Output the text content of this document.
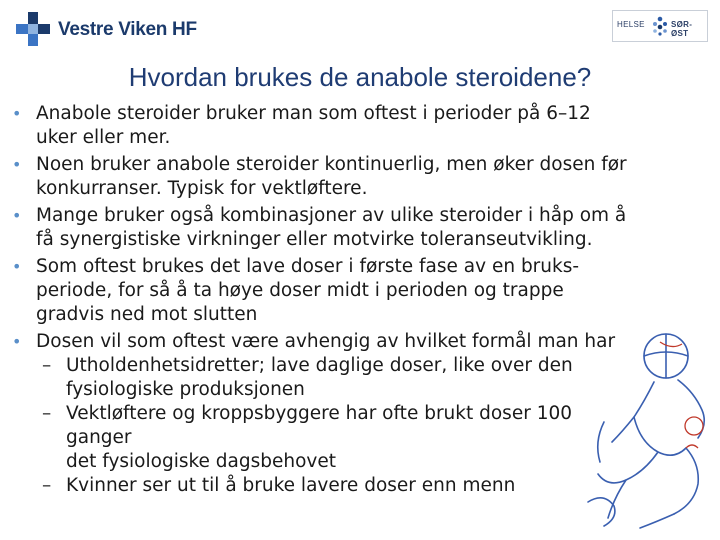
Vestre Viken HF	HELSE	SØR-ØST
Hvordan brukes de anabole steroidene?
• Anabole steroider bruker man som oftest i perioder på 6–12
uker eller mer.
• Noen bruker anabole steroider kontinuerlig, men øker dosen før
konkurranser. Typisk for vektløftere.
• Mange bruker også kombinasjoner av ulike steroider i håp om å
få synergistiske virkninger eller motvirke toleranseutvikling.
• Som oftest brukes det lave doser i første fase av en bruks-
periode, for så å ta høye doser midt i perioden og trappe
gradvis ned mot slutten
• Dosen vil som oftest være avhengig av hvilket formål man har
– Utholdenhetsidretter; lave daglige doser, like over den
fysiologiske produksjonen
– Vektløftere og kroppsbyggere har ofte brukt doser 100
ganger
det fysiologiske dagsbehovet
– Kvinner ser ut til å bruke lavere doser enn menn
